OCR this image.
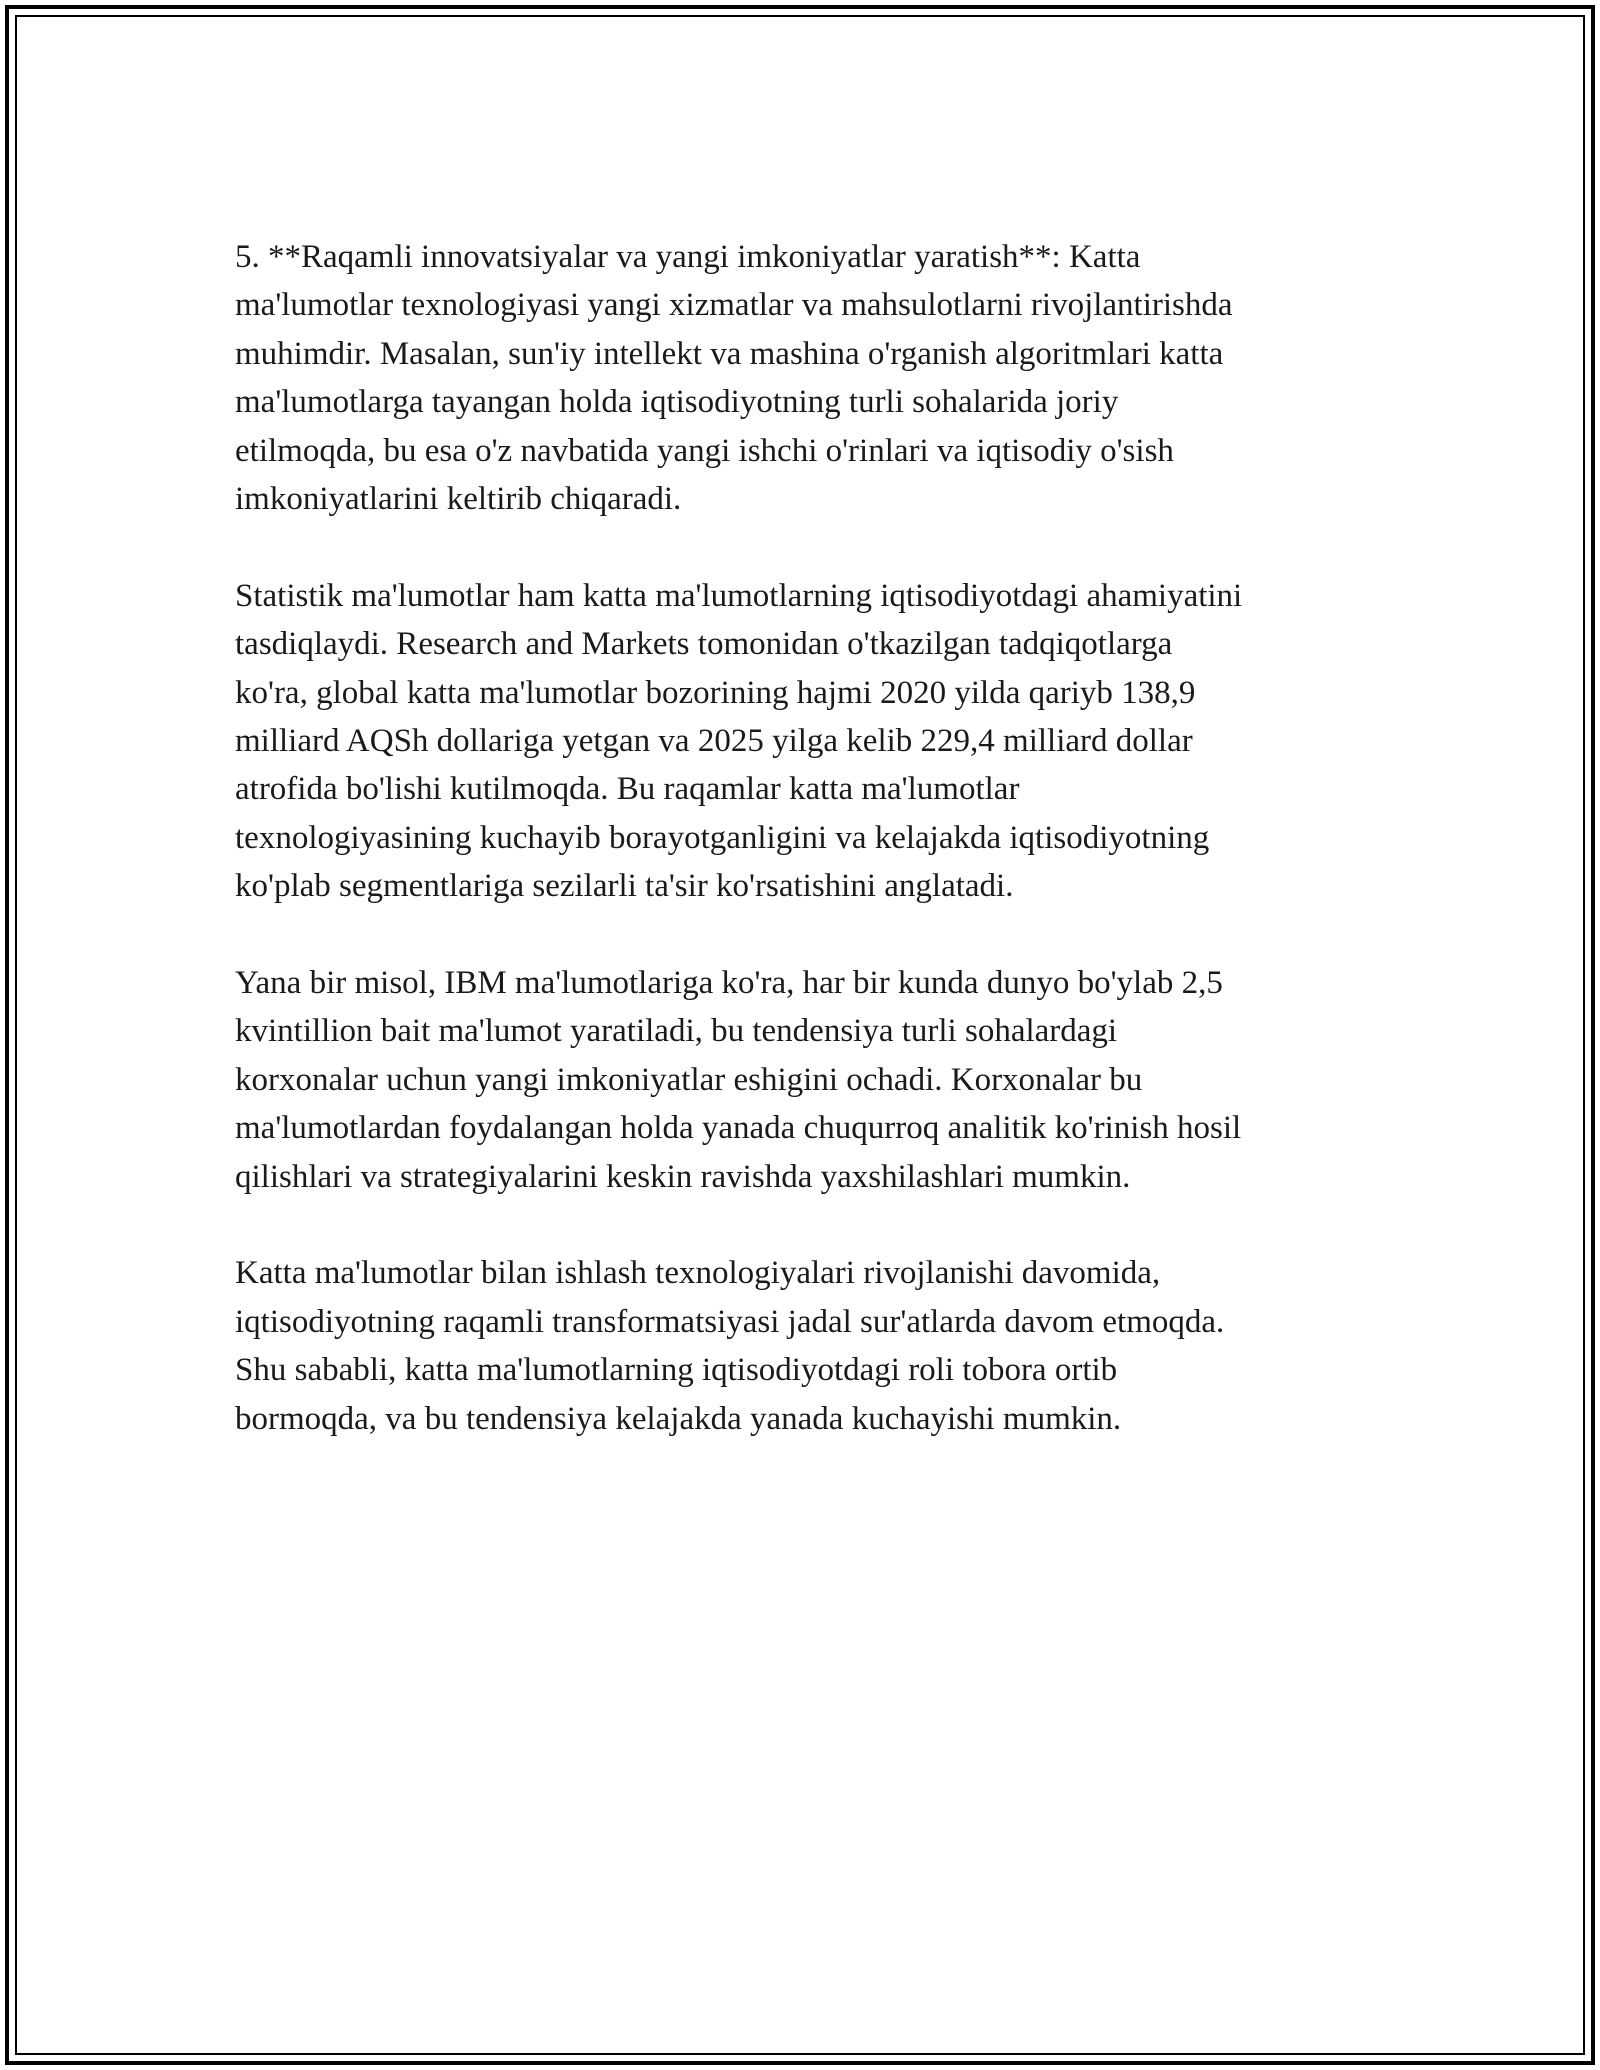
5. **Raqamli innovatsiyalar va yangi imkoniyatlar yaratish**: Katta
ma'lumotlar texnologiyasi yangi xizmatlar va mahsulotlarni rivojlantirishda
muhimdir. Masalan, sun'iy intellekt va mashina o'rganish algoritmlari katta
ma'lumotlarga tayangan holda iqtisodiyotning turli sohalarida joriy
etilmoqda, bu esa o'z navbatida yangi ishchi o'rinlari va iqtisodiy o'sish
imkoniyatlarini keltirib chiqaradi.

Statistik ma'lumotlar ham katta ma'lumotlarning iqtisodiyotdagi ahamiyatini
tasdiqlaydi. Research and Markets tomonidan o'tkazilgan tadqiqotlarga
ko'ra, global katta ma'lumotlar bozorining hajmi 2020 yilda qariyb 138,9
milliard AQSh dollariga yetgan va 2025 yilga kelib 229,4 milliard dollar
atrofida bo'lishi kutilmoqda. Bu raqamlar katta ma'lumotlar
texnologiyasining kuchayib borayotganligini va kelajakda iqtisodiyotning
ko'plab segmentlariga sezilarli ta'sir ko'rsatishini anglatadi.

Yana bir misol, IBM ma'lumotlariga ko'ra, har bir kunda dunyo bo'ylab 2,5
kvintillion bait ma'lumot yaratiladi, bu tendensiya turli sohalardagi
korxonalar uchun yangi imkoniyatlar eshigini ochadi. Korxonalar bu
ma'lumotlardan foydalangan holda yanada chuqurroq analitik ko'rinish hosil
qilishlari va strategiyalarini keskin ravishda yaxshilashlari mumkin.

Katta ma'lumotlar bilan ishlash texnologiyalari rivojlanishi davomida,
iqtisodiyotning raqamli transformatsiyasi jadal sur'atlarda davom etmoqda.
Shu sababli, katta ma'lumotlarning iqtisodiyotdagi roli tobora ortib
bormoqda, va bu tendensiya kelajakda yanada kuchayishi mumkin.
